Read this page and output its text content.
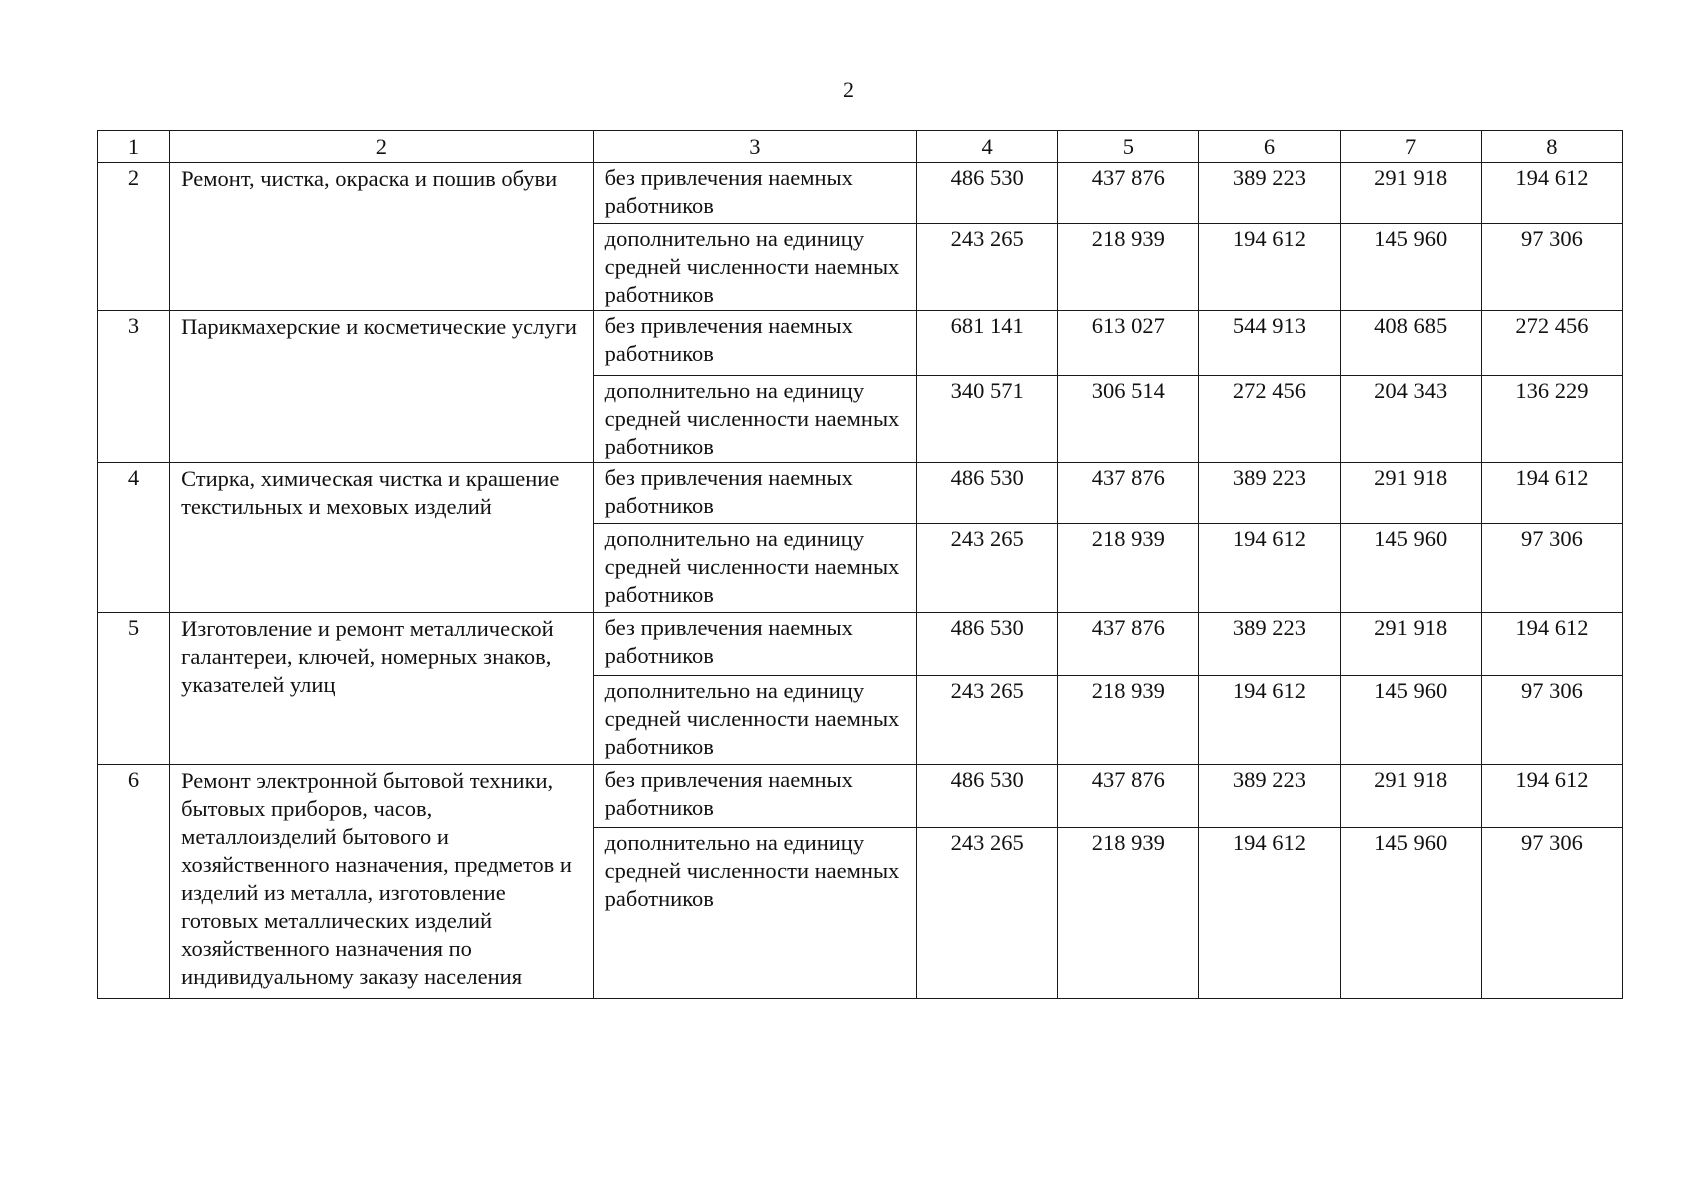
2
1	2	3	4	5	6	7	8
2	Ремонт, чистка, окраска и пошив обуви	без привлечения наемных работников	486 530	437 876	389 223	291 918	194 612
		дополнительно на единицу средней численности наемных работников	243 265	218 939	194 612	145 960	97 306
3	Парикмахерские и косметические услуги	без привлечения наемных работников	681 141	613 027	544 913	408 685	272 456
		дополнительно на единицу средней численности наемных работников	340 571	306 514	272 456	204 343	136 229
4	Стирка, химическая чистка и крашение текстильных и меховых изделий	без привлечения наемных работников	486 530	437 876	389 223	291 918	194 612
		дополнительно на единицу средней численности наемных работников	243 265	218 939	194 612	145 960	97 306
5	Изготовление и ремонт металлической галантереи, ключей, номерных знаков, указателей улиц	без привлечения наемных работников	486 530	437 876	389 223	291 918	194 612
		дополнительно на единицу средней численности наемных работников	243 265	218 939	194 612	145 960	97 306
6	Ремонт электронной бытовой техники, бытовых приборов, часов, металлоизделий бытового и хозяйственного назначения, предметов и изделий из металла, изготовление готовых металлических изделий хозяйственного назначения по индивидуальному заказу населения	без привлечения наемных работников	486 530	437 876	389 223	291 918	194 612
		дополнительно на единицу средней численности наемных работников	243 265	218 939	194 612	145 960	97 306
